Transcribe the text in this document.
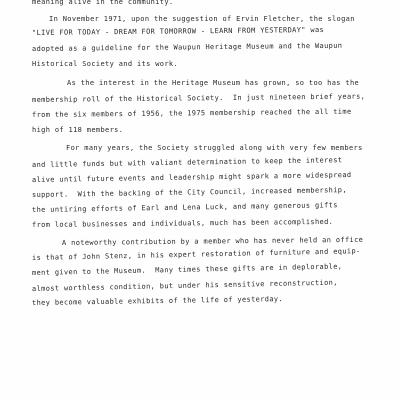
meaning alive in the community.
In November 1971, upon the suggestion of Ervin Fletcher, the slogan
"LIVE FOR TODAY - DREAM FOR TOMORROW - LEARN FROM YESTERDAY" was
adopted as a guideline for the Waupun Heritage Museum and the Waupun
Historical Society and its work.
As the interest in the Heritage Museum has grown, so too has the
membership roll of the Historical Society.  In just nineteen brief years,
from the six members of 1956, the 1975 membership reached the all time
high of 118 members.
For many years, the Society struggled along with very few members
and little funds but with valiant determination to keep the interest
alive until future events and leadership might spark a more widespread
support.  With the backing of the City Council, increased membership,
the untiring efforts of Earl and Lena Luck, and many generous gifts
from local businesses and individuals, much has been accomplished.
A noteworthy contribution by a member who has never held an office
is that of John Stenz, in his expert restoration of furniture and equip-
ment given to the Museum.  Many times these gifts are in deplorable,
almost worthless condition, but under his sensitive reconstruction,
they become valuable exhibits of the life of yesterday.
